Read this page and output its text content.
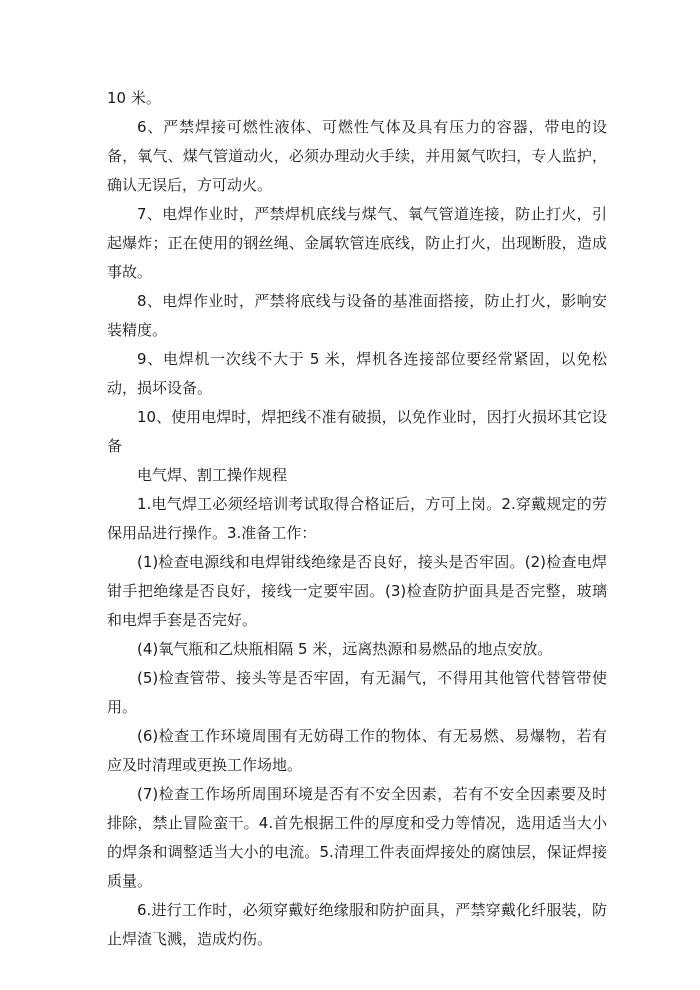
10 米。

6、严禁焊接可燃性液体、可燃性气体及具有压力的容器，带电的设备，氧气、煤气管道动火，必须办理动火手续，并用氮气吹扫，专人监护，确认无误后，方可动火。

7、电焊作业时，严禁焊机底线与煤气、氧气管道连接，防止打火，引起爆炸；正在使用的钢丝绳、金属软管连底线，防止打火，出现断股，造成事故。

8、电焊作业时，严禁将底线与设备的基准面搭接，防止打火，影响安装精度。

9、电焊机一次线不大于 5 米，焊机各连接部位要经常紧固，以免松动，损坏设备。

10、使用电焊时，焊把线不准有破损，以免作业时，因打火损坏其它设备

电气焊、割工操作规程

1.电气焊工必须经培训考试取得合格证后，方可上岗。2.穿戴规定的劳保用品进行操作。3.准备工作：

(1)检查电源线和电焊钳线绝缘是否良好，接头是否牢固。(2)检查电焊钳手把绝缘是否良好，接线一定要牢固。(3)检查防护面具是否完整，玻璃和电焊手套是否完好。

(4)氧气瓶和乙炔瓶相隔 5 米，远离热源和易燃品的地点安放。

(5)检查管带、接头等是否牢固，有无漏气，不得用其他管代替管带使用。

(6)检查工作环境周围有无妨碍工作的物体、有无易燃、易爆物，若有应及时清理或更换工作场地。

(7)检查工作场所周围环境是否有不安全因素，若有不安全因素要及时排除，禁止冒险蛮干。4.首先根据工件的厚度和受力等情况，选用适当大小的焊条和调整适当大小的电流。5.清理工件表面焊接处的腐蚀层，保证焊接质量。

6.进行工作时，必须穿戴好绝缘服和防护面具，严禁穿戴化纤服装，防止焊渣飞溅，造成灼伤。
